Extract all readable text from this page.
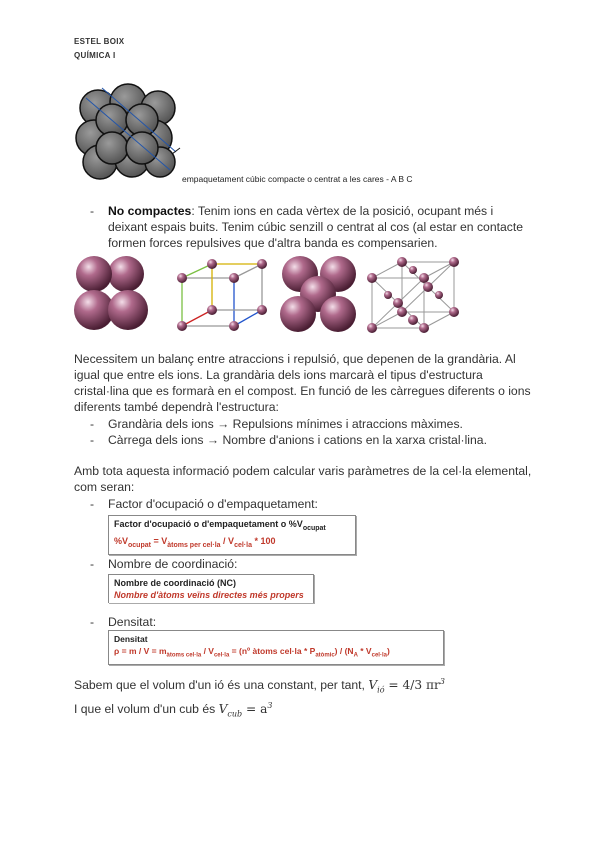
ESTEL BOIX
QUÍMICA I
empaquetament cúbic compacte o centrat a les cares - A B C
- No compactes: Tenim ions en cada vèrtex de la posició, ocupant més i deixant espais buits. Tenim cúbic senzill o centrat al cos (al estar en contacte formen forces repulsives que d'altra banda es compensarien.
Necessitem un balanç entre atraccions i repulsió, que depenen de la grandària. Al
igual que entre els ions. La grandària dels ions marcarà el tipus d'estructura
cristal·lina que es formarà en el compost. En funció de les càrregues diferents o ions
diferents també dependrà l'estructura:
- Grandària dels ions → Repulsions mínimes i atraccions màximes.
- Càrrega dels ions → Nombre d'anions i cations en la xarxa cristal·lina.
Amb tota aquesta informació podem calcular varis paràmetres de la cel·la elemental,
com seran:
- Factor d'ocupació o d'empaquetament:
Factor d'ocupació o d'empaquetament o $\%V_{ocupat}$
$\%V_{ocupat} = V_{àtoms per cel\cdot la} / V_{cel\cdot la} * 100$
- Nombre de coordinació:
Nombre de coordinació (NC)
Nombre d'àtoms veïns directes més propers
- Densitat:
Densitat
$\rho = m / V = m_{àtoms cel\cdot la} / V_{cel\cdot la}$ = (nº àtoms $cel\cdot la * P_{atòmic}) / (N_A * V_{cel\cdot la})$
Sabem que el volum d'un ió és una constant, per tant, $V_{ió} = 4/3$ $\pi r^3$
I que el volum d'un cub és $V_{cub} = a^3$
